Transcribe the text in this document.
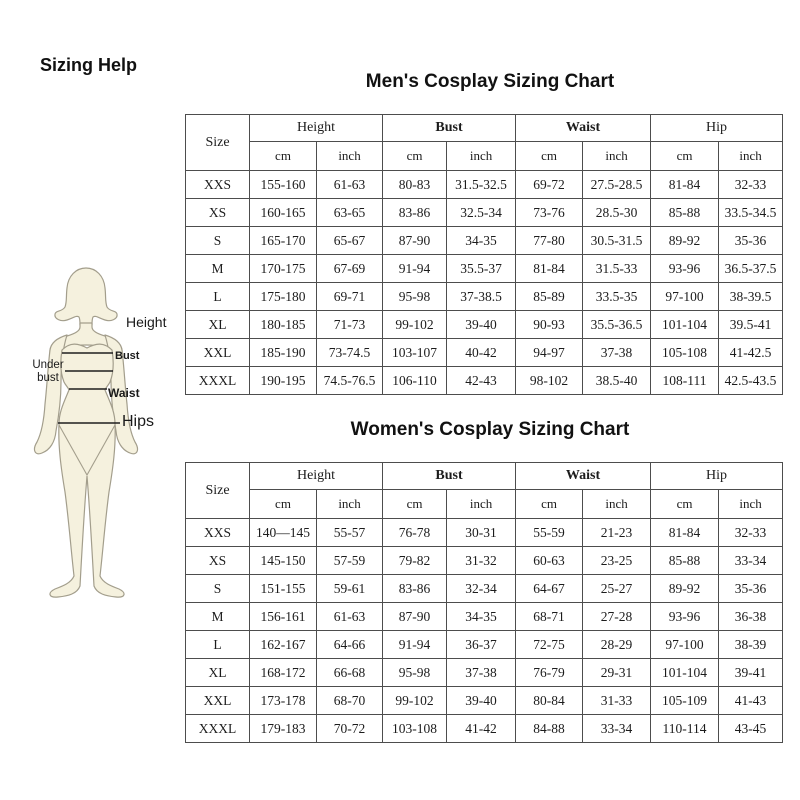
Sizing Help
Men's Cosplay Sizing Chart
Size	Height		Bust		Waist		Hip	
	cm	inch	cm	inch	cm	inch	cm	inch
XXS	155-160	61-63	80-83	31.5-32.5	69-72	27.5-28.5	81-84	32-33
XS	160-165	63-65	83-86	32.5-34	73-76	28.5-30	85-88	33.5-34.5
S	165-170	65-67	87-90	34-35	77-80	30.5-31.5	89-92	35-36
M	170-175	67-69	91-94	35.5-37	81-84	31.5-33	93-96	36.5-37.5
L	175-180	69-71	95-98	37-38.5	85-89	33.5-35	97-100	38-39.5
XL	180-185	71-73	99-102	39-40	90-93	35.5-36.5	101-104	39.5-41
XXL	185-190	73-74.5	103-107	40-42	94-97	37-38	105-108	41-42.5
XXXL	190-195	74.5-76.5	106-110	42-43	98-102	38.5-40	108-111	42.5-43.5
Women's Cosplay Sizing Chart
Size	Height		Bust		Waist		Hip	
	cm	inch	cm	inch	cm	inch	cm	inch
XXS	140—145	55-57	76-78	30-31	55-59	21-23	81-84	32-33
XS	145-150	57-59	79-82	31-32	60-63	23-25	85-88	33-34
S	151-155	59-61	83-86	32-34	64-67	25-27	89-92	35-36
M	156-161	61-63	87-90	34-35	68-71	27-28	93-96	36-38
L	162-167	64-66	91-94	36-37	72-75	28-29	97-100	38-39
XL	168-172	66-68	95-98	37-38	76-79	29-31	101-104	39-41
XXL	173-178	68-70	99-102	39-40	80-84	31-33	105-109	41-43
XXXL	179-183	70-72	103-108	41-42	84-88	33-34	110-114	43-45
Height
Bust
Under bust
Waist
Hips
